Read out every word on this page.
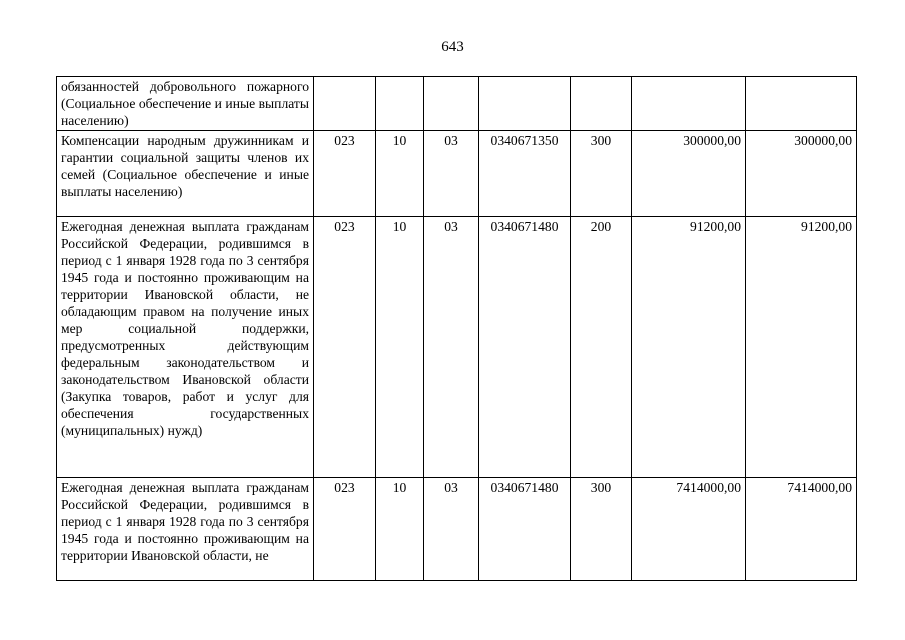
643
обязанностей добровольного пожарного (Социальное обеспечение и иные выплаты населению)							
Компенсации народным дружинникам и гарантии социальной защиты членов их семей (Социальное обеспечение и иные выплаты населению)	023	10	03	0340671350	300	300000,00	300000,00
Ежегодная денежная выплата гражданам Российской Федерации, родившимся в период с 1 января 1928 года по 3 сентября 1945 года и постоянно проживающим на территории Ивановской области, не обладающим правом на получение иных мер социальной поддержки, предусмотренных действующим федеральным законодательством и законодательством Ивановской области (Закупка товаров, работ и услуг для обеспечения государственных (муниципальных) нужд)	023	10	03	0340671480	200	91200,00	91200,00
Ежегодная денежная выплата гражданам Российской Федерации, родившимся в период с 1 января 1928 года по 3 сентября 1945 года и постоянно проживающим на территории Ивановской области, не	023	10	03	0340671480	300	7414000,00	7414000,00
